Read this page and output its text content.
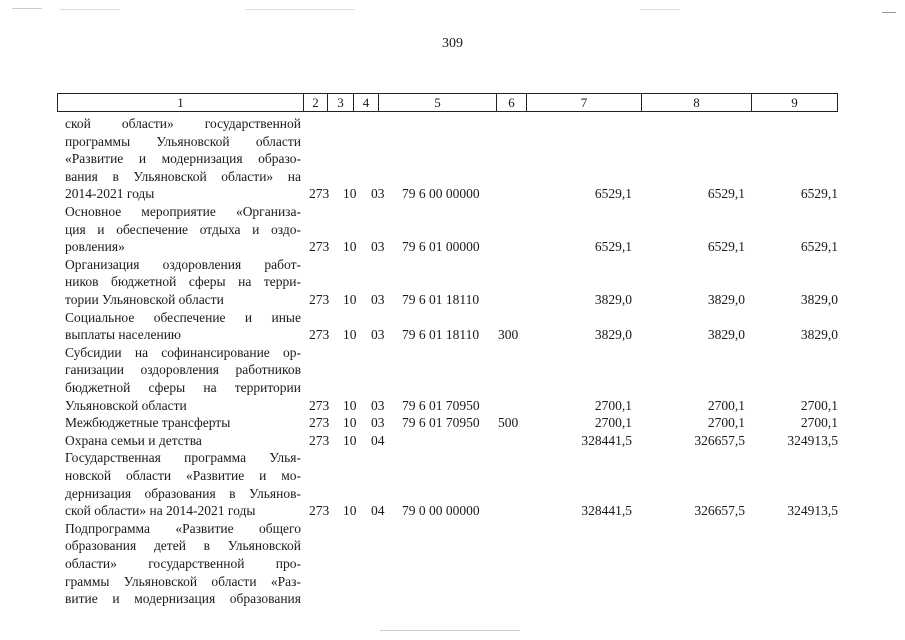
309
1	2	3	4	5	6	7	8	9
ской области» государственной
программы Ульяновской области
«Развитие и модернизация образо-
вания в Ульяновской области» на
2014-2021 годы	273 10 03 79 6 00 00000	6529,1	6529,1	6529,1
Основное мероприятие «Организа-
ция и обеспечение отдыха и оздо-
ровления»	273 10 03 79 6 01 00000	6529,1	6529,1	6529,1
Организация оздоровления работ-
ников бюджетной сферы на терри-
тории Ульяновской области	273 10 03 79 6 01 18110	3829,0	3829,0	3829,0
Социальное обеспечение и иные
выплаты населению	273 10 03 79 6 01 18110 300	3829,0	3829,0	3829,0
Субсидии на софинансирование ор-
ганизации оздоровления работников
бюджетной сферы на территории
Ульяновской области	273 10 03 79 6 01 70950	2700,1	2700,1	2700,1
Межбюджетные трансферты	273 10 03 79 6 01 70950 500	2700,1	2700,1	2700,1
Охрана семьи и детства	273 10 04	328441,5	326657,5	324913,5
Государственная программа Улья-
новской области «Развитие и мо-
дернизация образования в Ульянов-
ской области» на 2014-2021 годы	273 10 04 79 0 00 00000	328441,5	326657,5	324913,5
Подпрограмма «Развитие общего
образования детей в Ульяновской
области» государственной про-
граммы Ульяновской области «Раз-
витие и модернизация образования
